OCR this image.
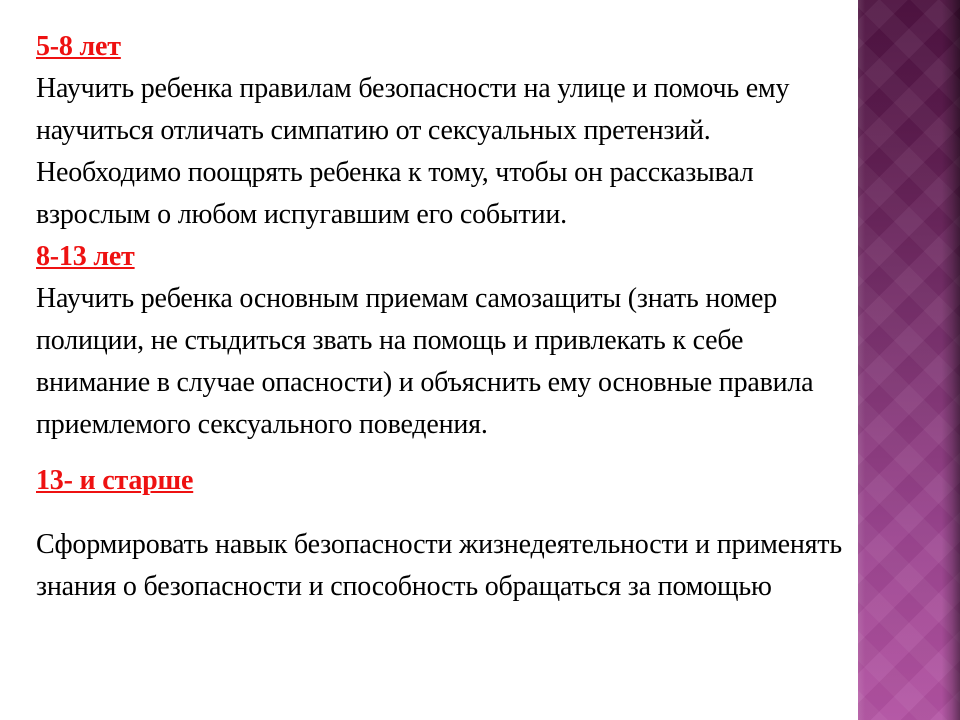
5-8 лет

Научить ребенка правилам безопасности на улице и помочь ему научиться отличать симпатию от сексуальных претензий. Необходимо поощрять ребенка к тому, чтобы он рассказывал взрослым о любом испугавшим его событии.

8-13 лет

Научить ребенка основным приемам самозащиты (знать номер полиции, не стыдиться звать на помощь и привлекать к себе внимание в случае опасности) и объяснить ему основные правила приемлемого сексуального поведения.

13- и старше

Сформировать навык безопасности жизнедеятельности и применять знания о безопасности и способность обращаться за помощью
